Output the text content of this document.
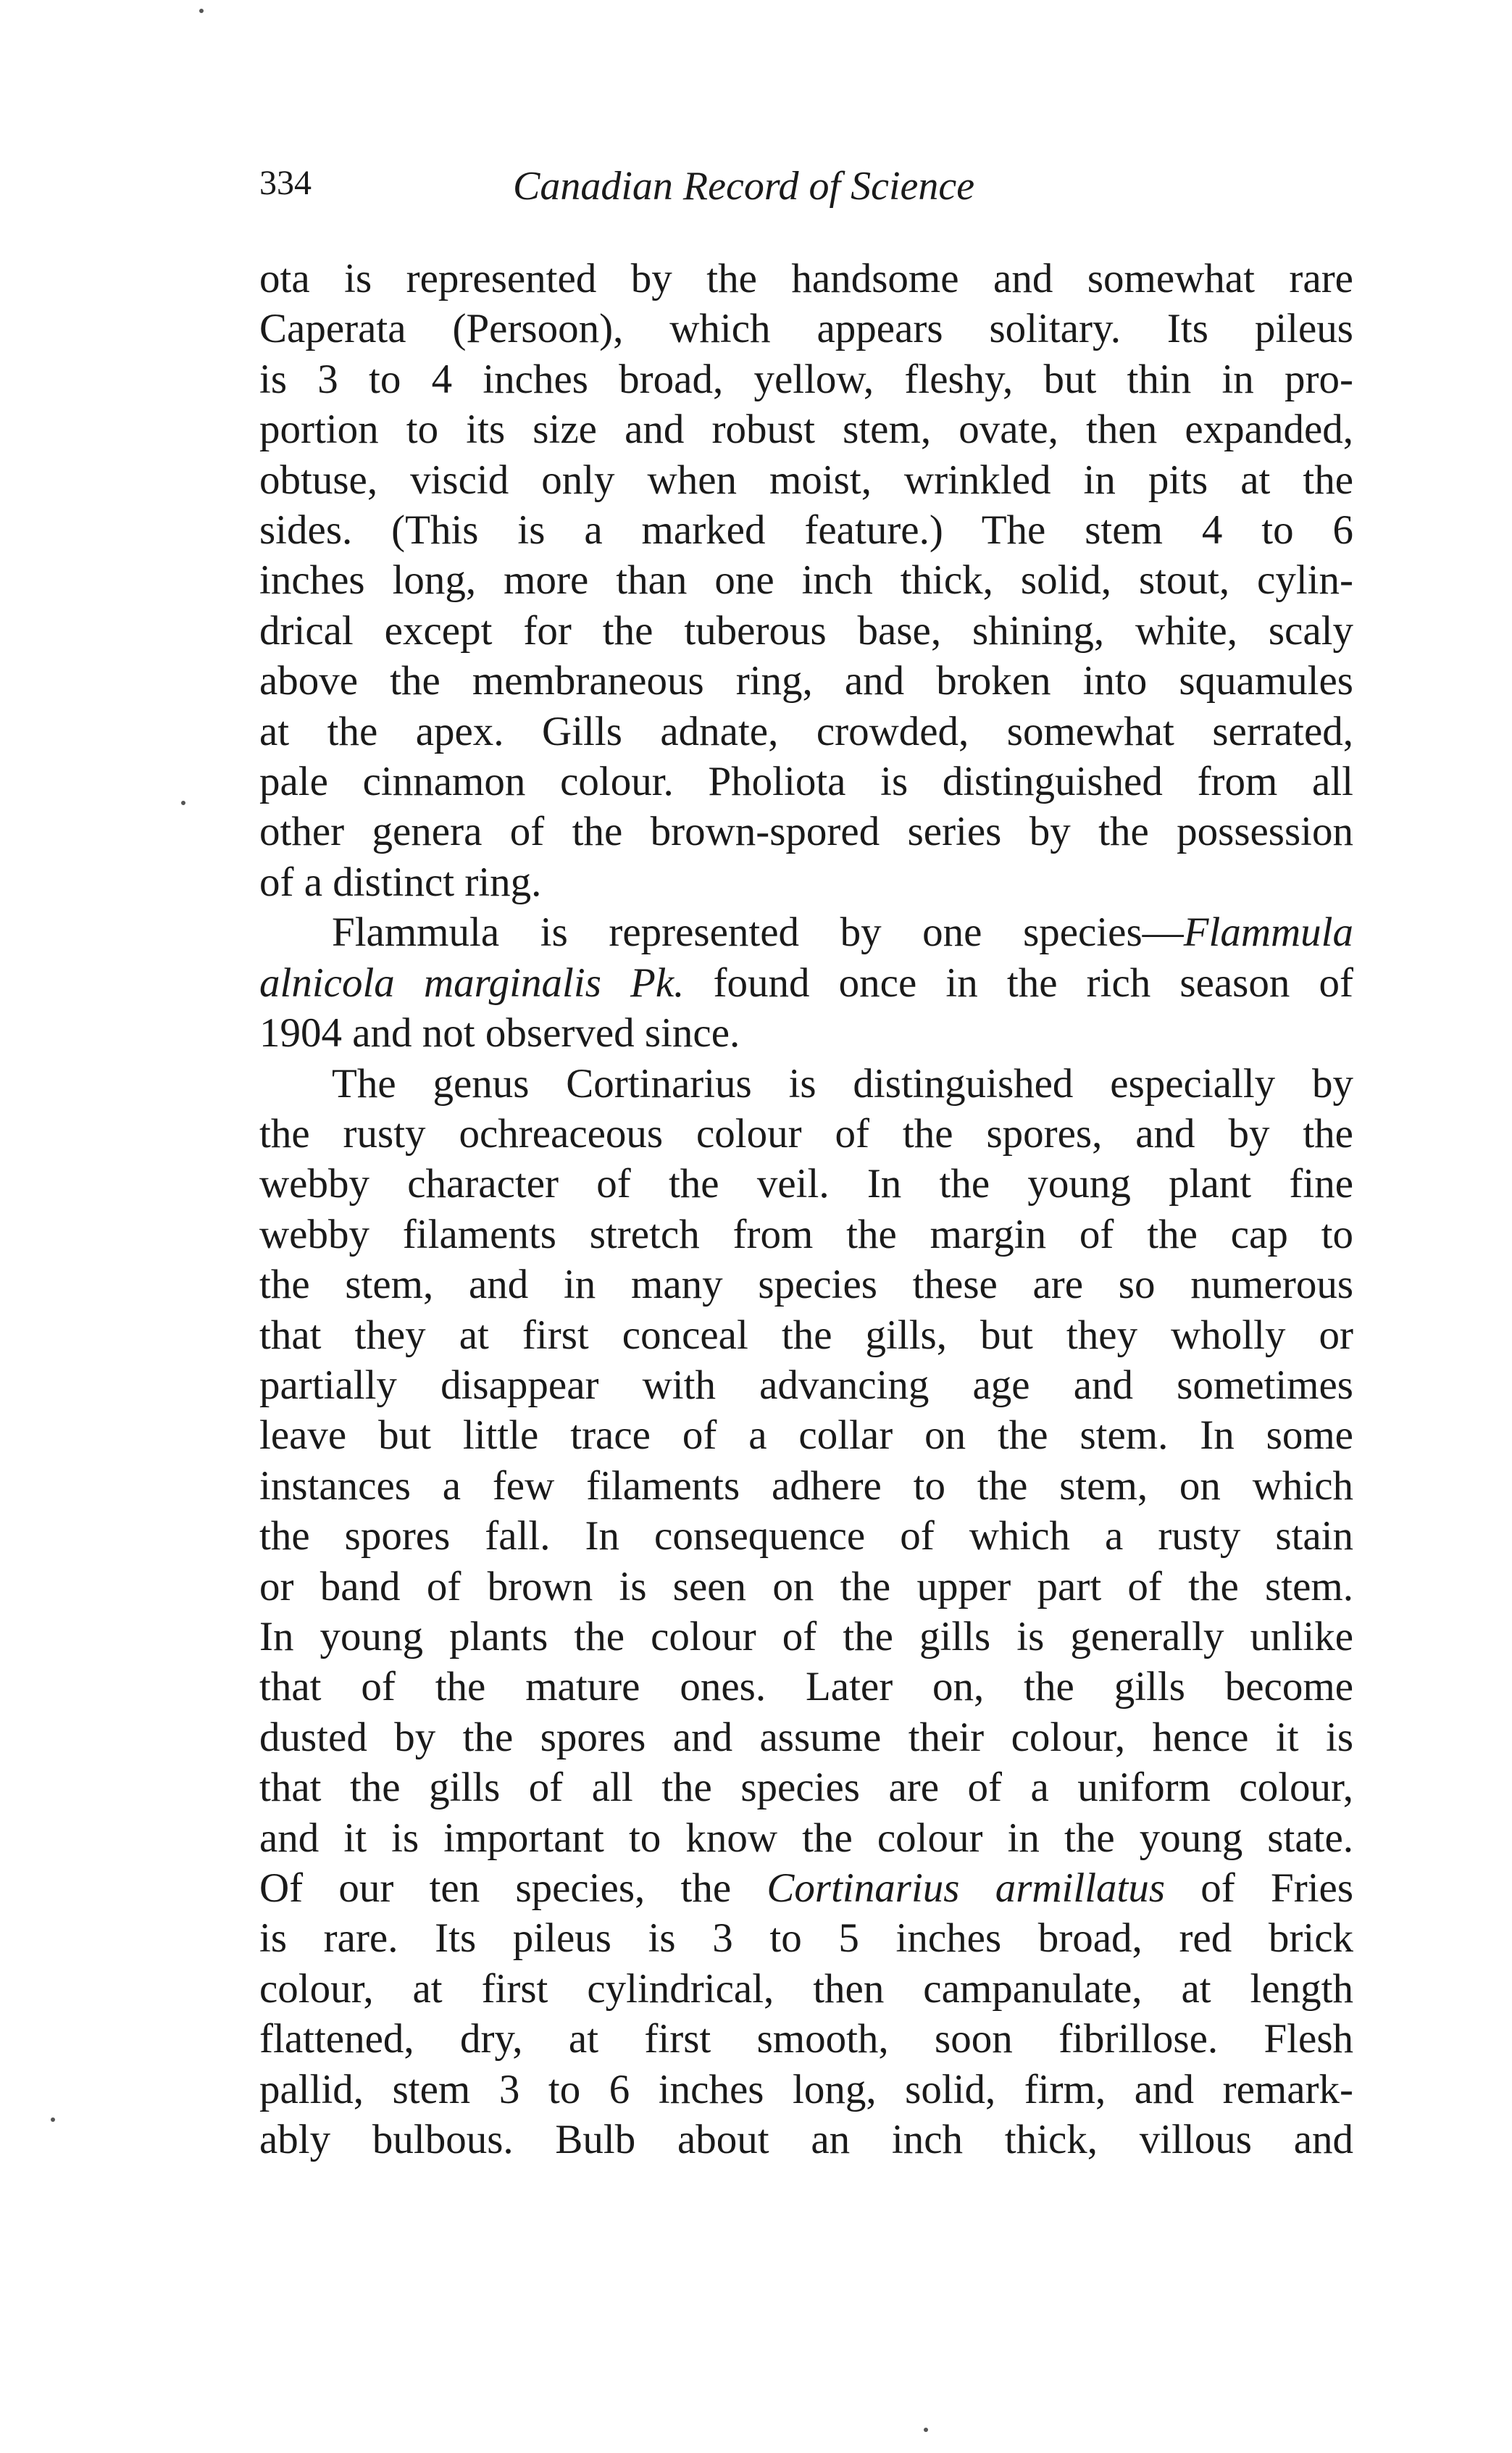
334	Canadian Record of Science
ota is represented by the handsome and somewhat rare
Caperata (Persoon), which appears solitary. Its pileus
is 3 to 4 inches broad, yellow, fleshy, but thin in pro-
portion to its size and robust stem, ovate, then expanded,
obtuse, viscid only when moist, wrinkled in pits at the
sides. (This is a marked feature.) The stem 4 to 6
inches long, more than one inch thick, solid, stout, cylin-
drical except for the tuberous base, shining, white, scaly
above the membraneous ring, and broken into squamules
at the apex. Gills adnate, crowded, somewhat serrated,
pale cinnamon colour. Pholiota is distinguished from all
other genera of the brown-spored series by the possession
of a distinct ring.
Flammula is represented by one species—Flammula
alnicola marginalis Pk. found once in the rich season of
1904 and not observed since.
The genus Cortinarius is distinguished especially by
the rusty ochreaceous colour of the spores, and by the
webby character of the veil. In the young plant fine
webby filaments stretch from the margin of the cap to
the stem, and in many species these are so numerous
that they at first conceal the gills, but they wholly or
partially disappear with advancing age and sometimes
leave but little trace of a collar on the stem. In some
instances a few filaments adhere to the stem, on which
the spores fall. In consequence of which a rusty stain
or band of brown is seen on the upper part of the stem.
In young plants the colour of the gills is generally unlike
that of the mature ones. Later on, the gills become
dusted by the spores and assume their colour, hence it is
that the gills of all the species are of a uniform colour,
and it is important to know the colour in the young state.
Of our ten species, the Cortinarius armillatus of Fries
is rare. Its pileus is 3 to 5 inches broad, red brick
colour, at first cylindrical, then campanulate, at length
flattened, dry, at first smooth, soon fibrillose. Flesh
pallid, stem 3 to 6 inches long, solid, firm, and remark-
ably bulbous. Bulb about an inch thick, villous and
